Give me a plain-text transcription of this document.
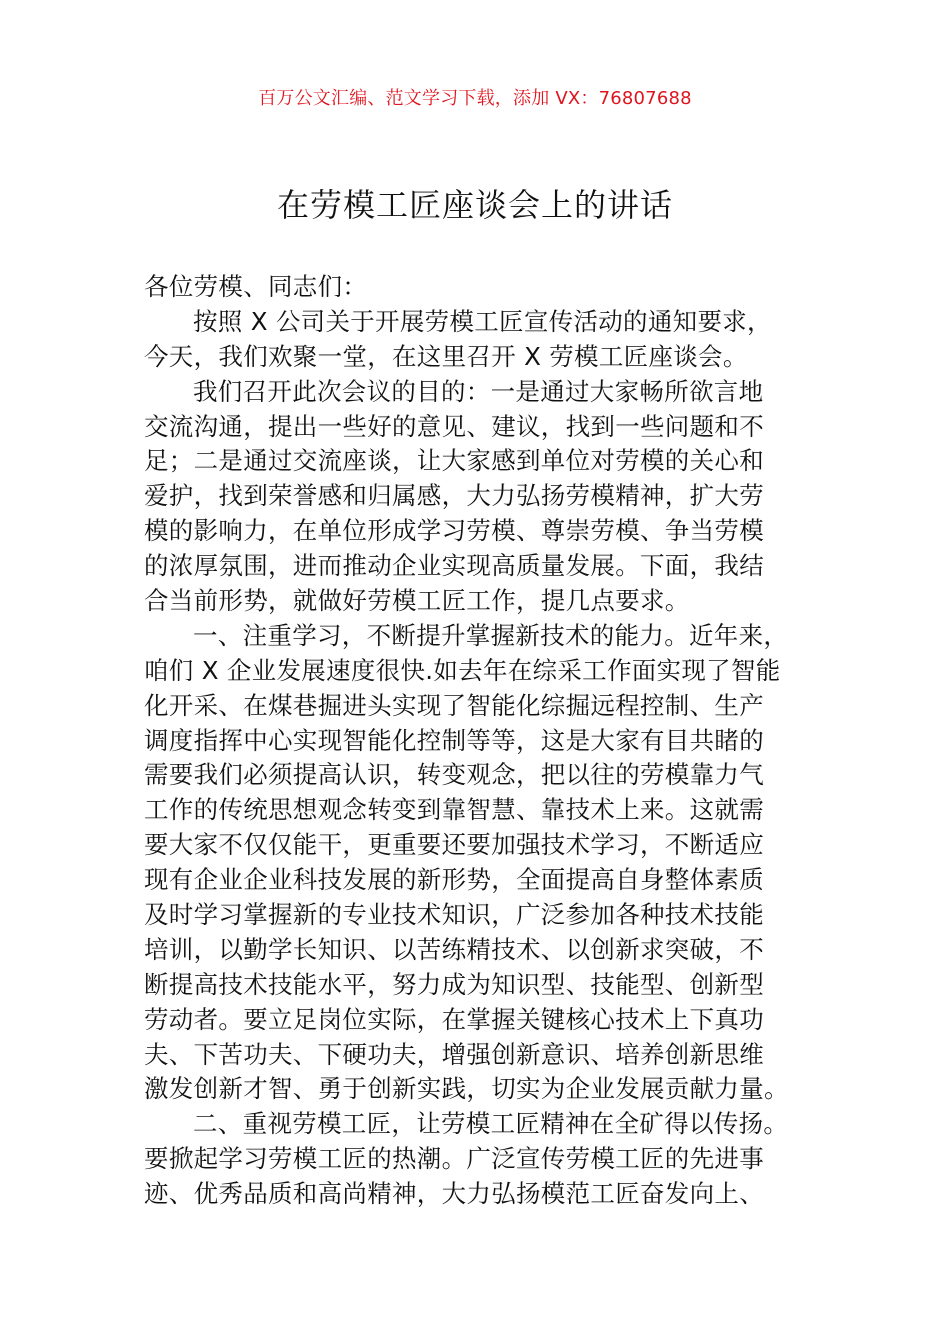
百万公文汇编、范文学习下载，添加 VX：76807688
在劳模工匠座谈会上的讲话
各位劳模、同志们：
按照 X 公司关于开展劳模工匠宣传活动的通知要求，
今天，我们欢聚一堂，在这里召开 X 劳模工匠座谈会。
我们召开此次会议的目的：一是通过大家畅所欲言地
交流沟通，提出一些好的意见、建议，找到一些问题和不
足；二是通过交流座谈，让大家感到单位对劳模的关心和
爱护，找到荣誉感和归属感，大力弘扬劳模精神，扩大劳
模的影响力，在单位形成学习劳模、尊崇劳模、争当劳模
的浓厚氛围，进而推动企业实现高质量发展。下面，我结
合当前形势，就做好劳模工匠工作，提几点要求。
一、注重学习，不断提升掌握新技术的能力。近年来，
咱们 X 企业发展速度很快.如去年在综采工作面实现了智能
化开采、在煤巷掘进头实现了智能化综掘远程控制、生产
调度指挥中心实现智能化控制等等，这是大家有目共睹的
需要我们必须提高认识，转变观念，把以往的劳模靠力气
工作的传统思想观念转变到靠智慧、靠技术上来。这就需
要大家不仅仅能干，更重要还要加强技术学习，不断适应
现有企业企业科技发展的新形势，全面提高自身整体素质
及时学习掌握新的专业技术知识，广泛参加各种技术技能
培训，以勤学长知识、以苦练精技术、以创新求突破，不
断提高技术技能水平，努力成为知识型、技能型、创新型
劳动者。要立足岗位实际，在掌握关键核心技术上下真功
夫、下苦功夫、下硬功夫，增强创新意识、培养创新思维
激发创新才智、勇于创新实践，切实为企业发展贡献力量。
二、重视劳模工匠，让劳模工匠精神在全矿得以传扬。
要掀起学习劳模工匠的热潮。广泛宣传劳模工匠的先进事
迹、优秀品质和高尚精神，大力弘扬模范工匠奋发向上、
